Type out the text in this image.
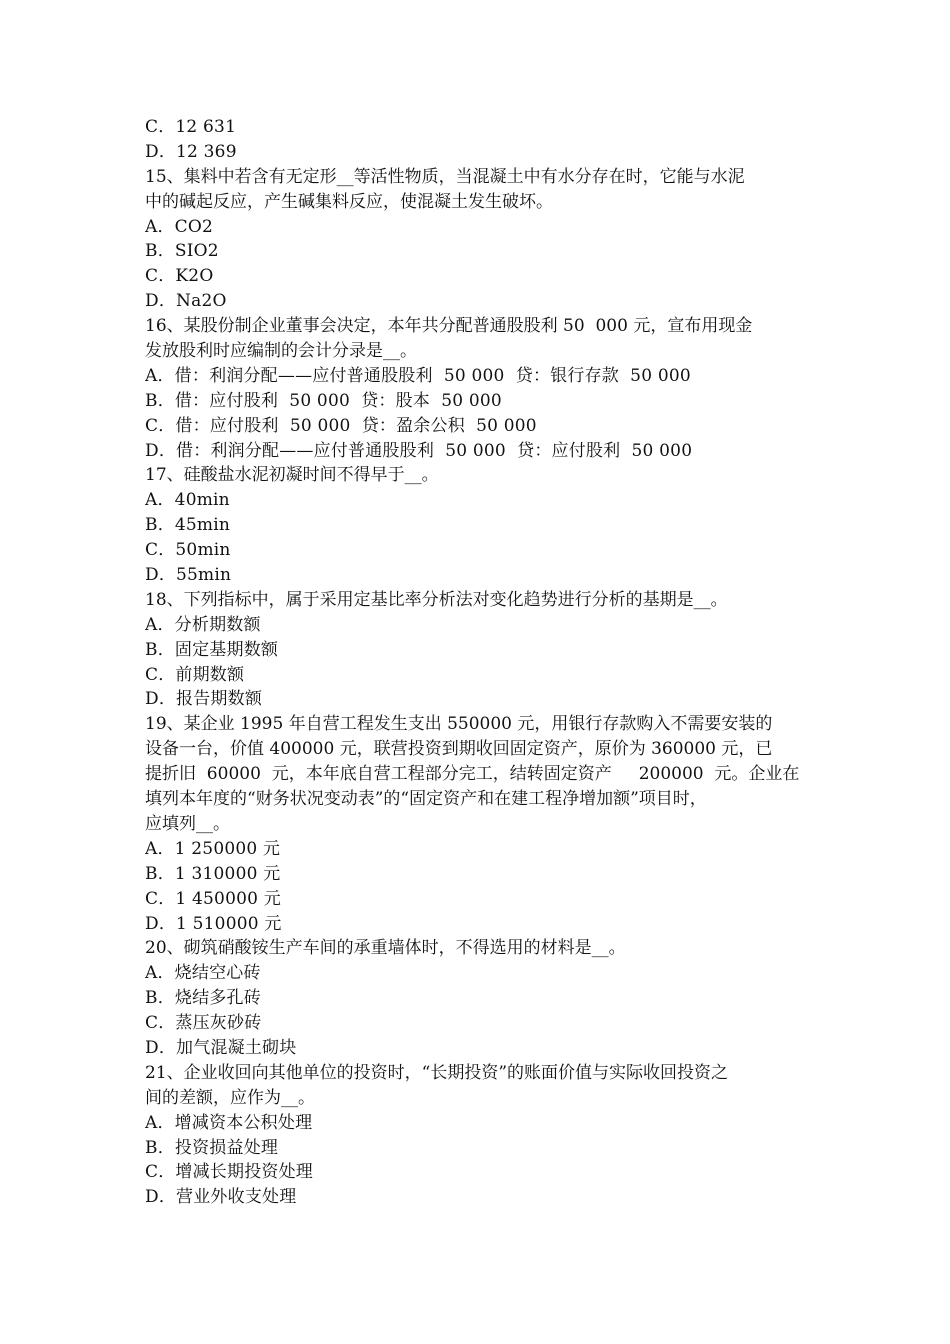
C．12 631
D．12 369
15、集料中若含有无定形__等活性物质，当混凝土中有水分存在时，它能与水泥
中的碱起反应，产生碱集料反应，使混凝土发生破坏。
A．CO2
B．SIO2
C．K2O
D．Na2O
16、某股份制企业董事会决定，本年共分配普通股股利 50  000 元，宣布用现金
发放股利时应编制的会计分录是__。
A．借：利润分配——应付普通股股利  50 000  贷：银行存款  50 000
B．借：应付股利  50 000  贷：股本  50 000
C．借：应付股利  50 000  贷：盈余公积  50 000
D．借：利润分配——应付普通股股利  50 000  贷：应付股利  50 000
17、硅酸盐水泥初凝时间不得早于__。
A．40min
B．45min
C．50min
D．55min
18、下列指标中，属于采用定基比率分析法对变化趋势进行分析的基期是__。
A．分析期数额
B．固定基期数额
C．前期数额
D．报告期数额
19、某企业 1995 年自营工程发生支出 550000 元，用银行存款购入不需要安装的
设备一台，价值 400000 元，联营投资到期收回固定资产，原价为 360000 元，已
提折旧  60000  元，本年底自营工程部分完工，结转固定资产     200000  元。企业在
填列本年度的“财务状况变动表”的“固定资产和在建工程净增加额”项目时，
应填列__。
A．1 250000 元
B．1 310000 元
C．1 450000 元
D．1 510000 元
20、砌筑硝酸铵生产车间的承重墙体时，不得选用的材料是__。
A．烧结空心砖
B．烧结多孔砖
C．蒸压灰砂砖
D．加气混凝土砌块
21、企业收回向其他单位的投资时，“长期投资”的账面价值与实际收回投资之
间的差额，应作为__。
A．增减资本公积处理
B．投资损益处理
C．增减长期投资处理
D．营业外收支处理
